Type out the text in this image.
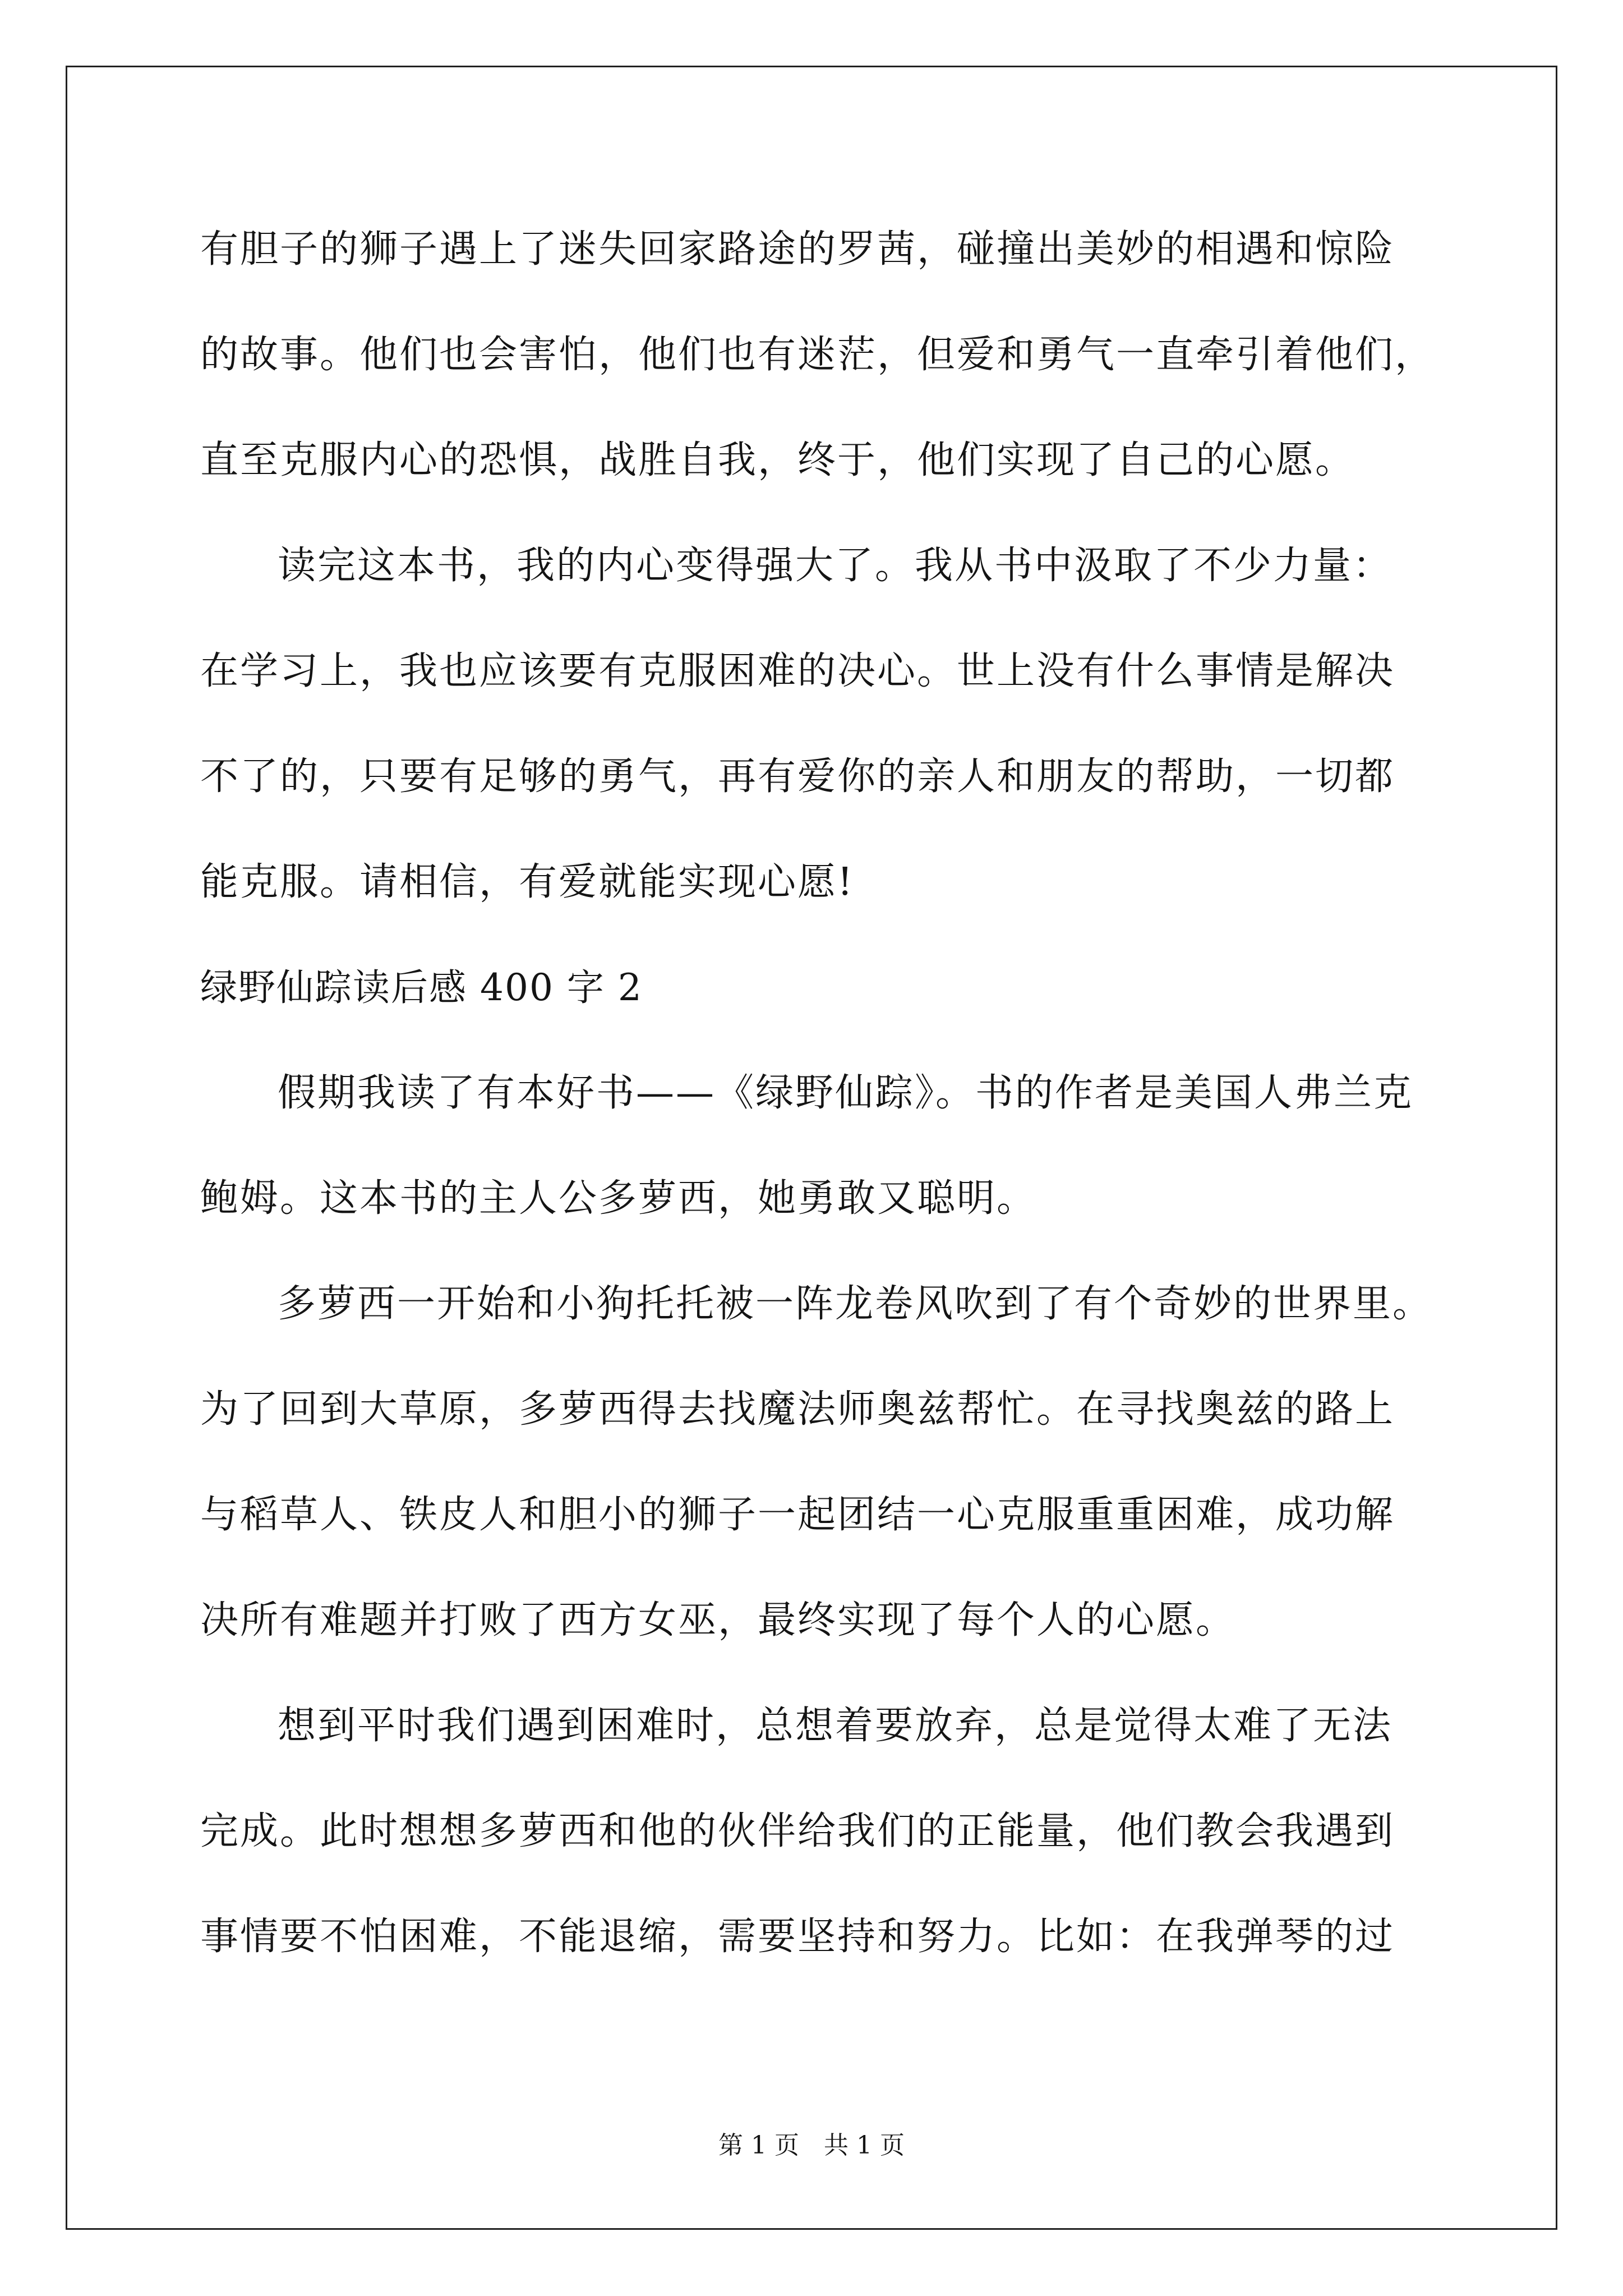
有胆子的狮子遇上了迷失回家路途的罗茜，碰撞出美妙的相遇和惊险
的故事。他们也会害怕，他们也有迷茫，但爱和勇气一直牵引着他们，
直至克服内心的恐惧，战胜自我，终于，他们实现了自己的心愿。
读完这本书，我的内心变得强大了。我从书中汲取了不少力量：
在学习上，我也应该要有克服困难的决心。世上没有什么事情是解决
不了的，只要有足够的勇气，再有爱你的亲人和朋友的帮助，一切都
能克服。请相信，有爱就能实现心愿!
绿野仙踪读后感 400 字 2
假期我读了有本好书——《绿野仙踪》。书的作者是美国人弗兰克
鲍姆。这本书的主人公多萝西，她勇敢又聪明。
多萝西一开始和小狗托托被一阵龙卷风吹到了有个奇妙的世界里。
为了回到大草原，多萝西得去找魔法师奥兹帮忙。在寻找奥兹的路上
与稻草人、铁皮人和胆小的狮子一起团结一心克服重重困难，成功解
决所有难题并打败了西方女巫，最终实现了每个人的心愿。
想到平时我们遇到困难时，总想着要放弃，总是觉得太难了无法
完成。此时想想多萝西和他的伙伴给我们的正能量，他们教会我遇到
事情要不怕困难，不能退缩，需要坚持和努力。比如：在我弹琴的过
第 1 页　共 1 页
